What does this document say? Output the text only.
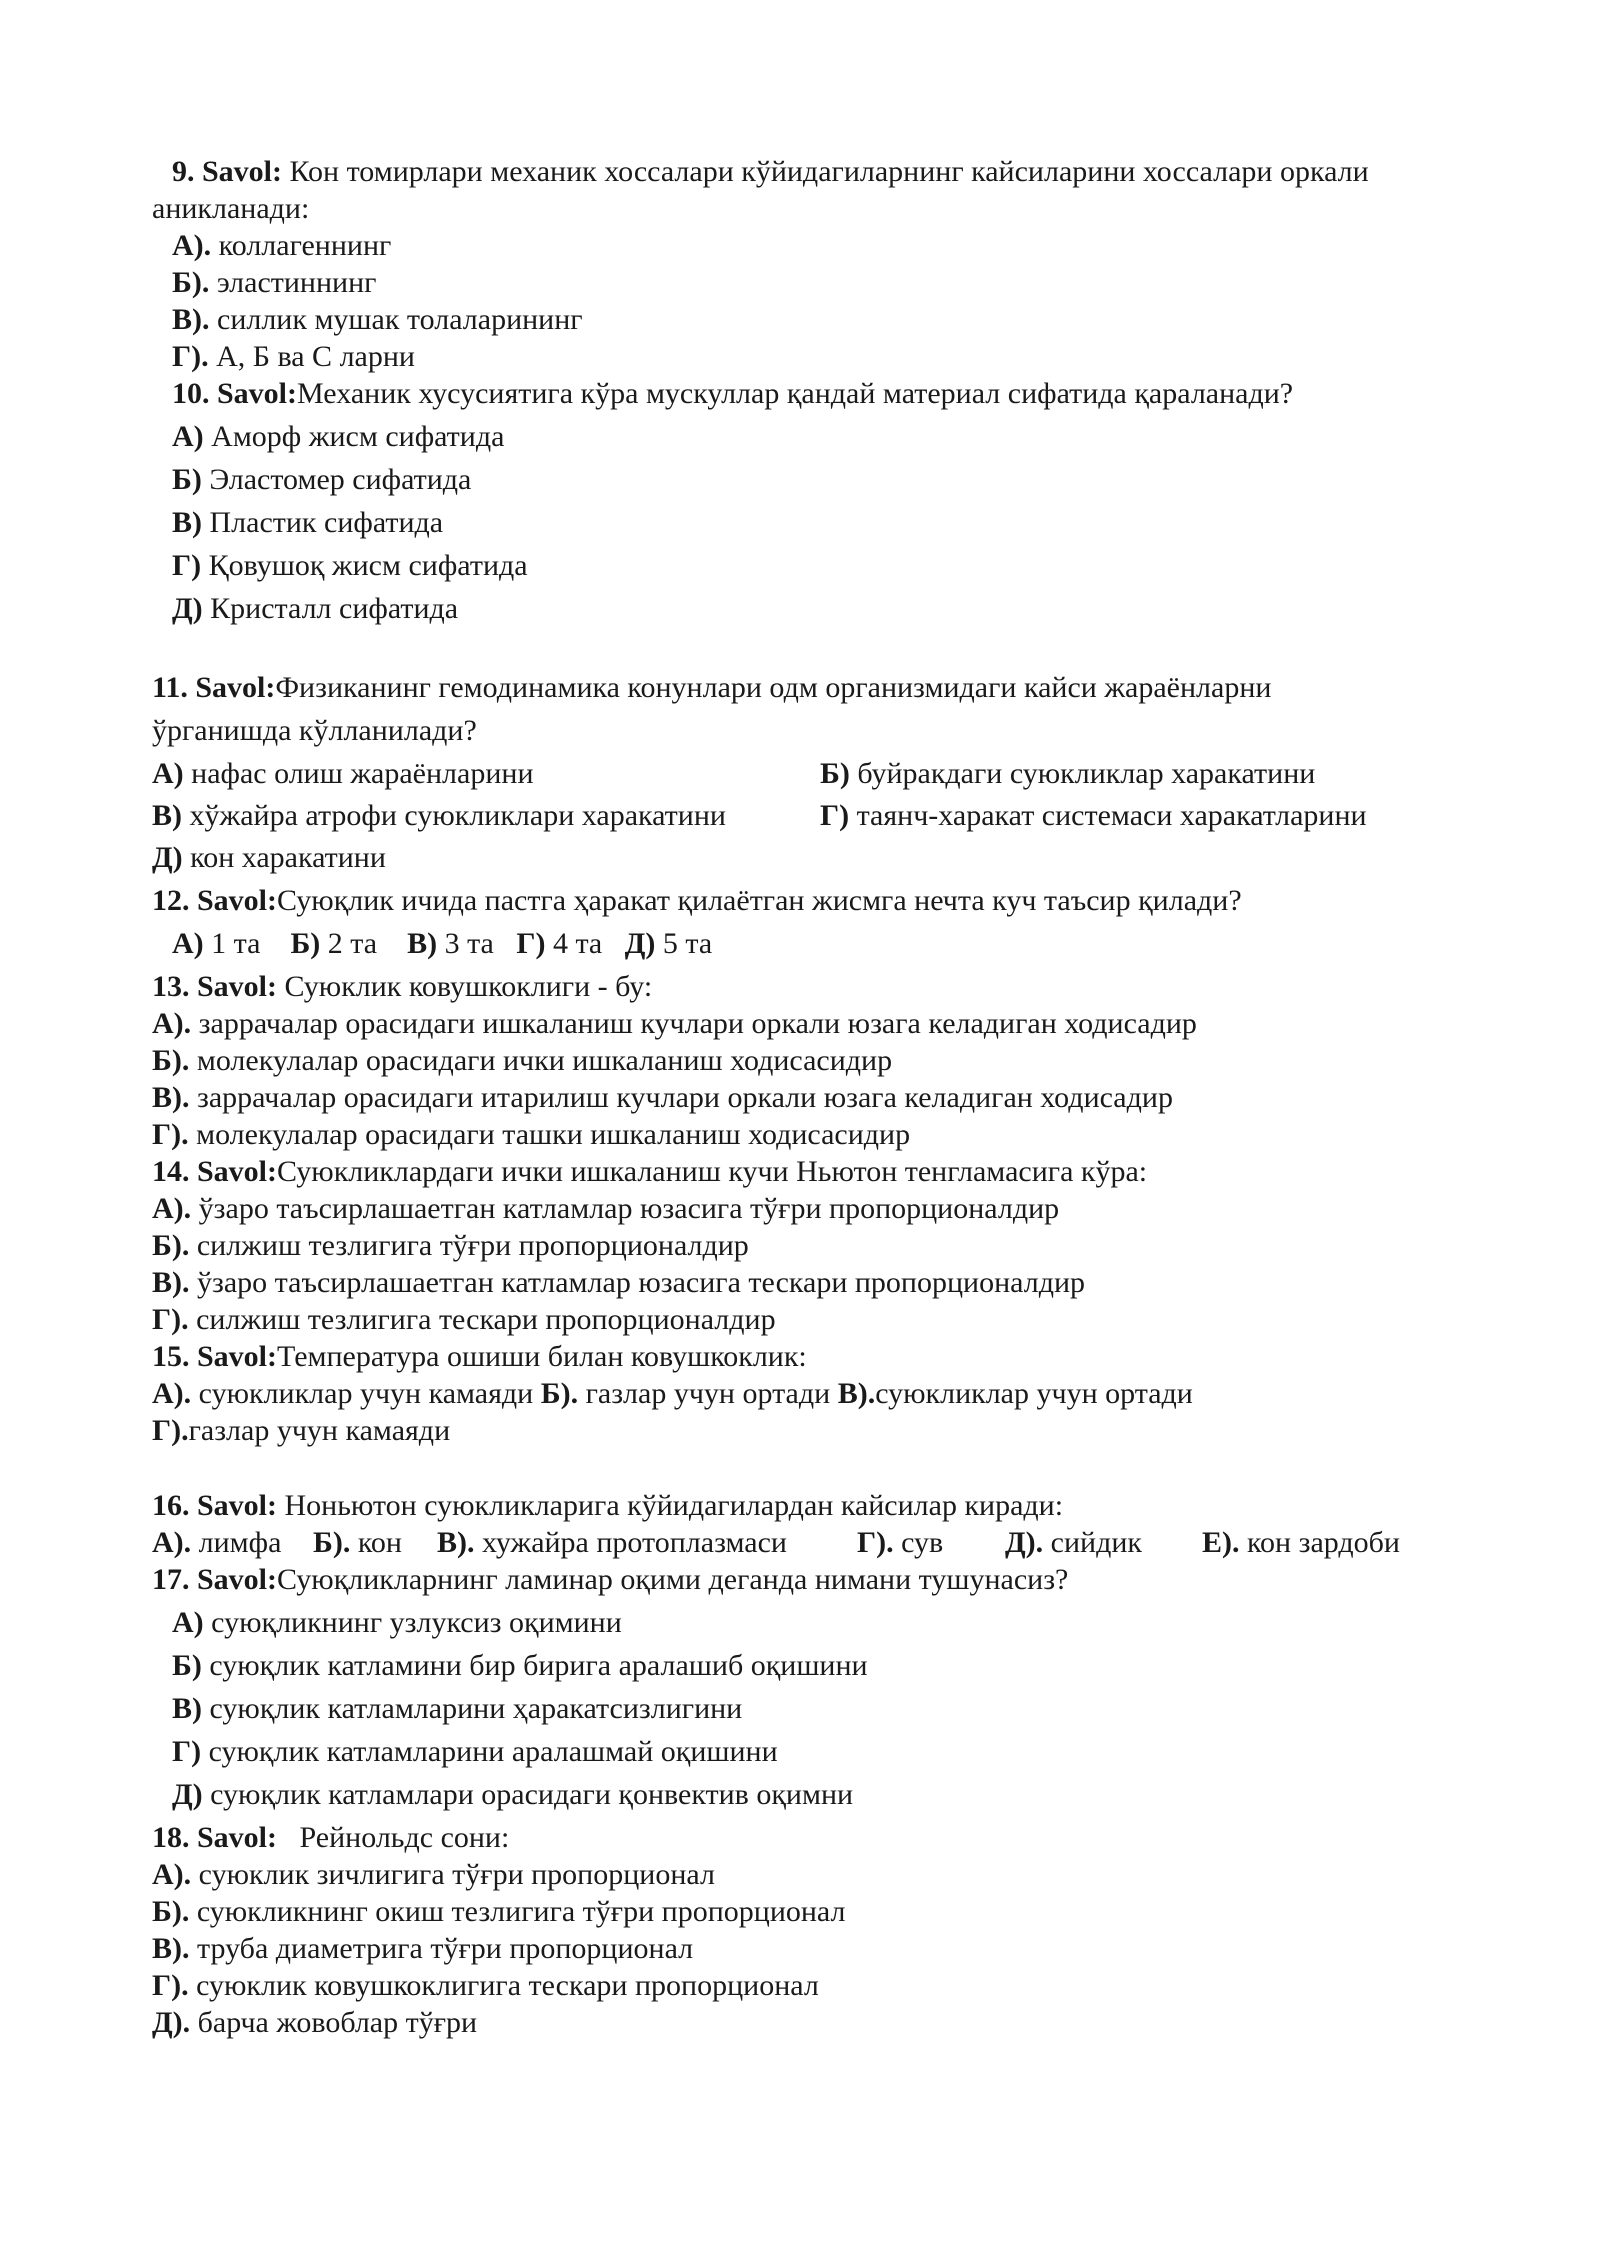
9. Savol: Кон томирлари механик хоссалари кўйидагиларнинг кайсиларини хоссалари оркали
аникланади:
А). коллагеннинг
Б). эластиннинг
В). силлик мушак толаларининг
Г). А, Б ва С ларни
10. Savol:Механик хусусиятига кўра мускуллар қандай материал сифатида қараланади?
А) Аморф жисм сифатида
Б) Эластомер сифатида
В) Пластик сифатида
Г) Қовушоқ жисм сифатида
Д) Кристалл сифатида
11. Savol:Физиканинг гемодинамика конунлари одм организмидаги кайси жараёнларни
ўрганишда кўлланилади?
А) нафас олиш жараёнларини	Б) буйракдаги суюкликлар харакатини
В) хўжайра атрофи суюкликлари харакатини	Г) таянч-харакат системаси харакатларини
Д) кон харакатини
12. Savol:Суюқлик ичида пастга ҳаракат қилаётган жисмга нечта куч таъсир қилади?
А) 1 та Б) 2 та В) 3 та Г) 4 та Д) 5 та
13. Savol: Суюклик ковушкоклиги - бу:
А). заррачалар орасидаги ишкаланиш кучлари оркали юзага келадиган ходисадир
Б). молекулалар орасидаги ички ишкаланиш ходисасидир
В). заррачалар орасидаги итарилиш кучлари оркали юзага келадиган ходисадир
Г). молекулалар орасидаги ташки ишкаланиш ходисасидир
14. Savol:Суюкликлардаги ички ишкаланиш кучи Ньютон тенгламасига кўра:
А). ўзаро таъсирлашаетган катламлар юзасига тўғри пропорционалдир
Б). силжиш тезлигига тўғри пропорционалдир
В). ўзаро таъсирлашаетган катламлар юзасига тескари пропорционалдир
Г). силжиш тезлигига тескари пропорционалдир
15. Savol:Температура ошиши билан ковушкоклик:
А). суюкликлар учун камаяди Б). газлар учун ортади В).суюкликлар учун ортади
Г).газлар учун камаяди
16. Savol: Ноньютон суюкликларига кўйидагилардан кайсилар киради:
А). лимфа Б). кон В). хужайра протоплазмаси Г). сув Д). сийдик Е). кон зардоби
17. Savol:Суюқликларнинг ламинар оқими деганда нимани тушунасиз?
А) суюқликнинг узлуксиз оқимини
Б) суюқлик катламини бир бирига аралашиб оқишини
В) суюқлик катламларини ҳаракатсизлигини
Г) суюқлик катламларини аралашмай оқишини
Д) суюқлик катламлари орасидаги қонвектив оқимни
18. Savol:   Рейнольдс сони:
А). суюклик зичлигига тўғри пропорционал
Б). суюкликнинг окиш тезлигига тўғри пропорционал
В). труба диаметрига тўғри пропорционал
Г). суюклик ковушкоклигига тескари пропорционал
Д). барча жовоблар тўғри
